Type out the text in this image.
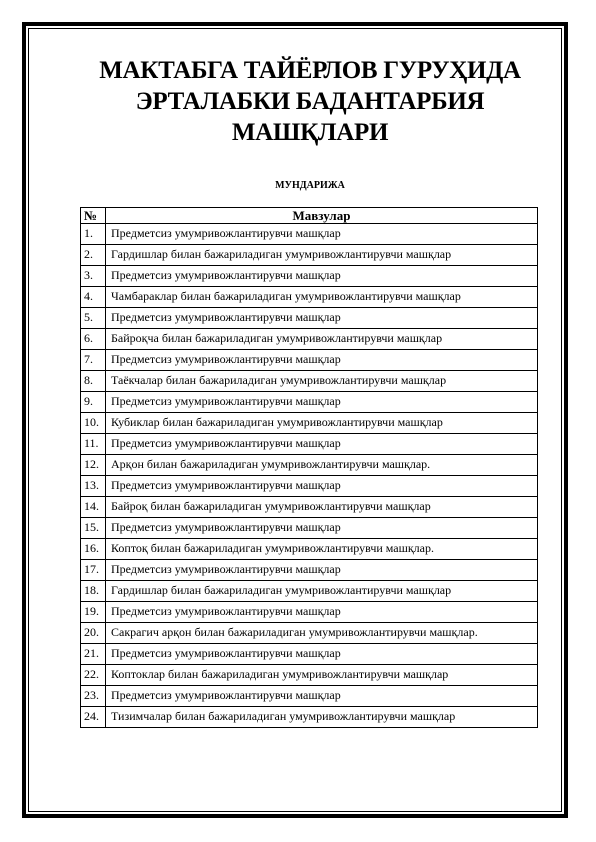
МАКТАБГА ТАЙЁРЛОВ ГУРУҲИДА ЭРТАЛАБКИ БАДАНТАРБИЯ МАШҚЛАРИ
МУНДАРИЖА
№	Мавзулар
1.	Предметсиз умумривожлантирувчи машқлар
2.	Гардишлар билан бажариладиган умумривожлантирувчи машқлар
3.	Предметсиз умумривожлантирувчи машқлар
4.	Чамбараклар билан бажариладиган умумривожлантирувчи машқлар
5.	Предметсиз умумривожлантирувчи машқлар
6.	Байроқча билан бажариладиган умумривожлантирувчи машқлар
7.	Предметсиз умумривожлантирувчи машқлар
8.	Таёкчалар билан бажариладиган умумривожлантирувчи машқлар
9.	Предметсиз умумривожлантирувчи машқлар
10.	Кубиклар билан бажариладиган умумривожлантирувчи машқлар
11.	Предметсиз умумривожлантирувчи машқлар
12.	Арқон билан бажариладиган умумривожлантирувчи машқлар.
13.	Предметсиз умумривожлантирувчи машқлар
14.	Байроқ билан бажариладиган умумривожлантирувчи машқлар
15.	Предметсиз умумривожлантирувчи машқлар
16.	Коптоқ билан бажариладиган умумривожлантирувчи машқлар.
17.	Предметсиз умумривожлантирувчи машқлар
18.	Гардишлар билан бажариладиган умумривожлантирувчи машқлар
19.	Предметсиз умумривожлантирувчи машқлар
20.	Сакрагич арқон билан бажариладиган умумривожлантирувчи машқлар.
21.	Предметсиз умумривожлантирувчи машқлар
22.	Коптоклар билан бажариладиган умумривожлантирувчи машқлар
23.	Предметсиз умумривожлантирувчи машқлар
24.	Тизимчалар билан бажариладиган умумривожлантирувчи машқлар
